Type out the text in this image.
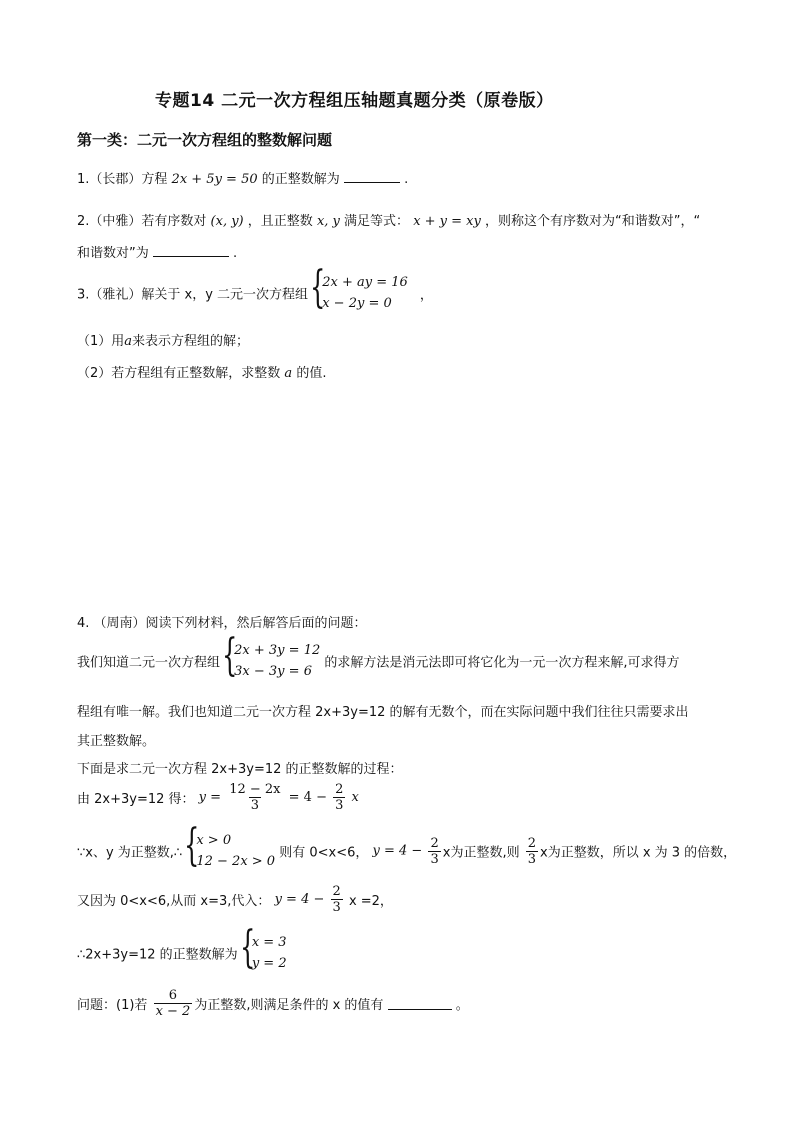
专题14 二元一次方程组压轴题真题分类（原卷版）
第一类：二元一次方程组的整数解问题
1.（长郡）方程 2x + 5y = 50 的正整数解为	.
2.（中雅）若有序数对 (x, y) ，且正整数 x, y 满足等式： x + y = xy ，则称这个有序数对为“和谐数对”，“
和谐数对”为	.
3.（雅礼）解关于 x，y 二元一次方程组 {
2x + ay = 16
x − 2y = 0
，
（1）用a来表示方程组的解；
（2）若方程组有正整数解，求整数 a 的值.
4. （周南）阅读下列材料，然后解答后面的问题：
我们知道二元一次方程组 {
2x + 3y = 12
3x − 3y = 6
的求解方法是消元法即可将它化为一元一次方程来解,可求得方
程组有唯一解。我们也知道二元一次方程 2x+3y=12 的解有无数个，而在实际问题中我们往往只需要求出
其正整数解。
下面是求二元一次方程 2x+3y=12 的正整数解的过程：
由 2x+3y=12 得： $y = \frac{12 - 2x}{3} = 4 - \frac{2}{3}$ x
∵x、y 为正整数,∴ {
x > 0
12 − 2x > 0
则有 0<x<6， $y = 4 - \frac{2}{3}$ x为正整数,则 $\frac{2}{3}$ x为正整数，所以 x 为 3 的倍数，
又因为 0<x<6,从而 x=3,代入： $y = 4 - \frac{2}{3}$ x =2，
∴2x+3y=12 的正整数解为 {
x = 3
y = 2
问题：(1)若 $\frac{6}{x - 2}$ 为正整数,则满足条件的 x 的值有	。
